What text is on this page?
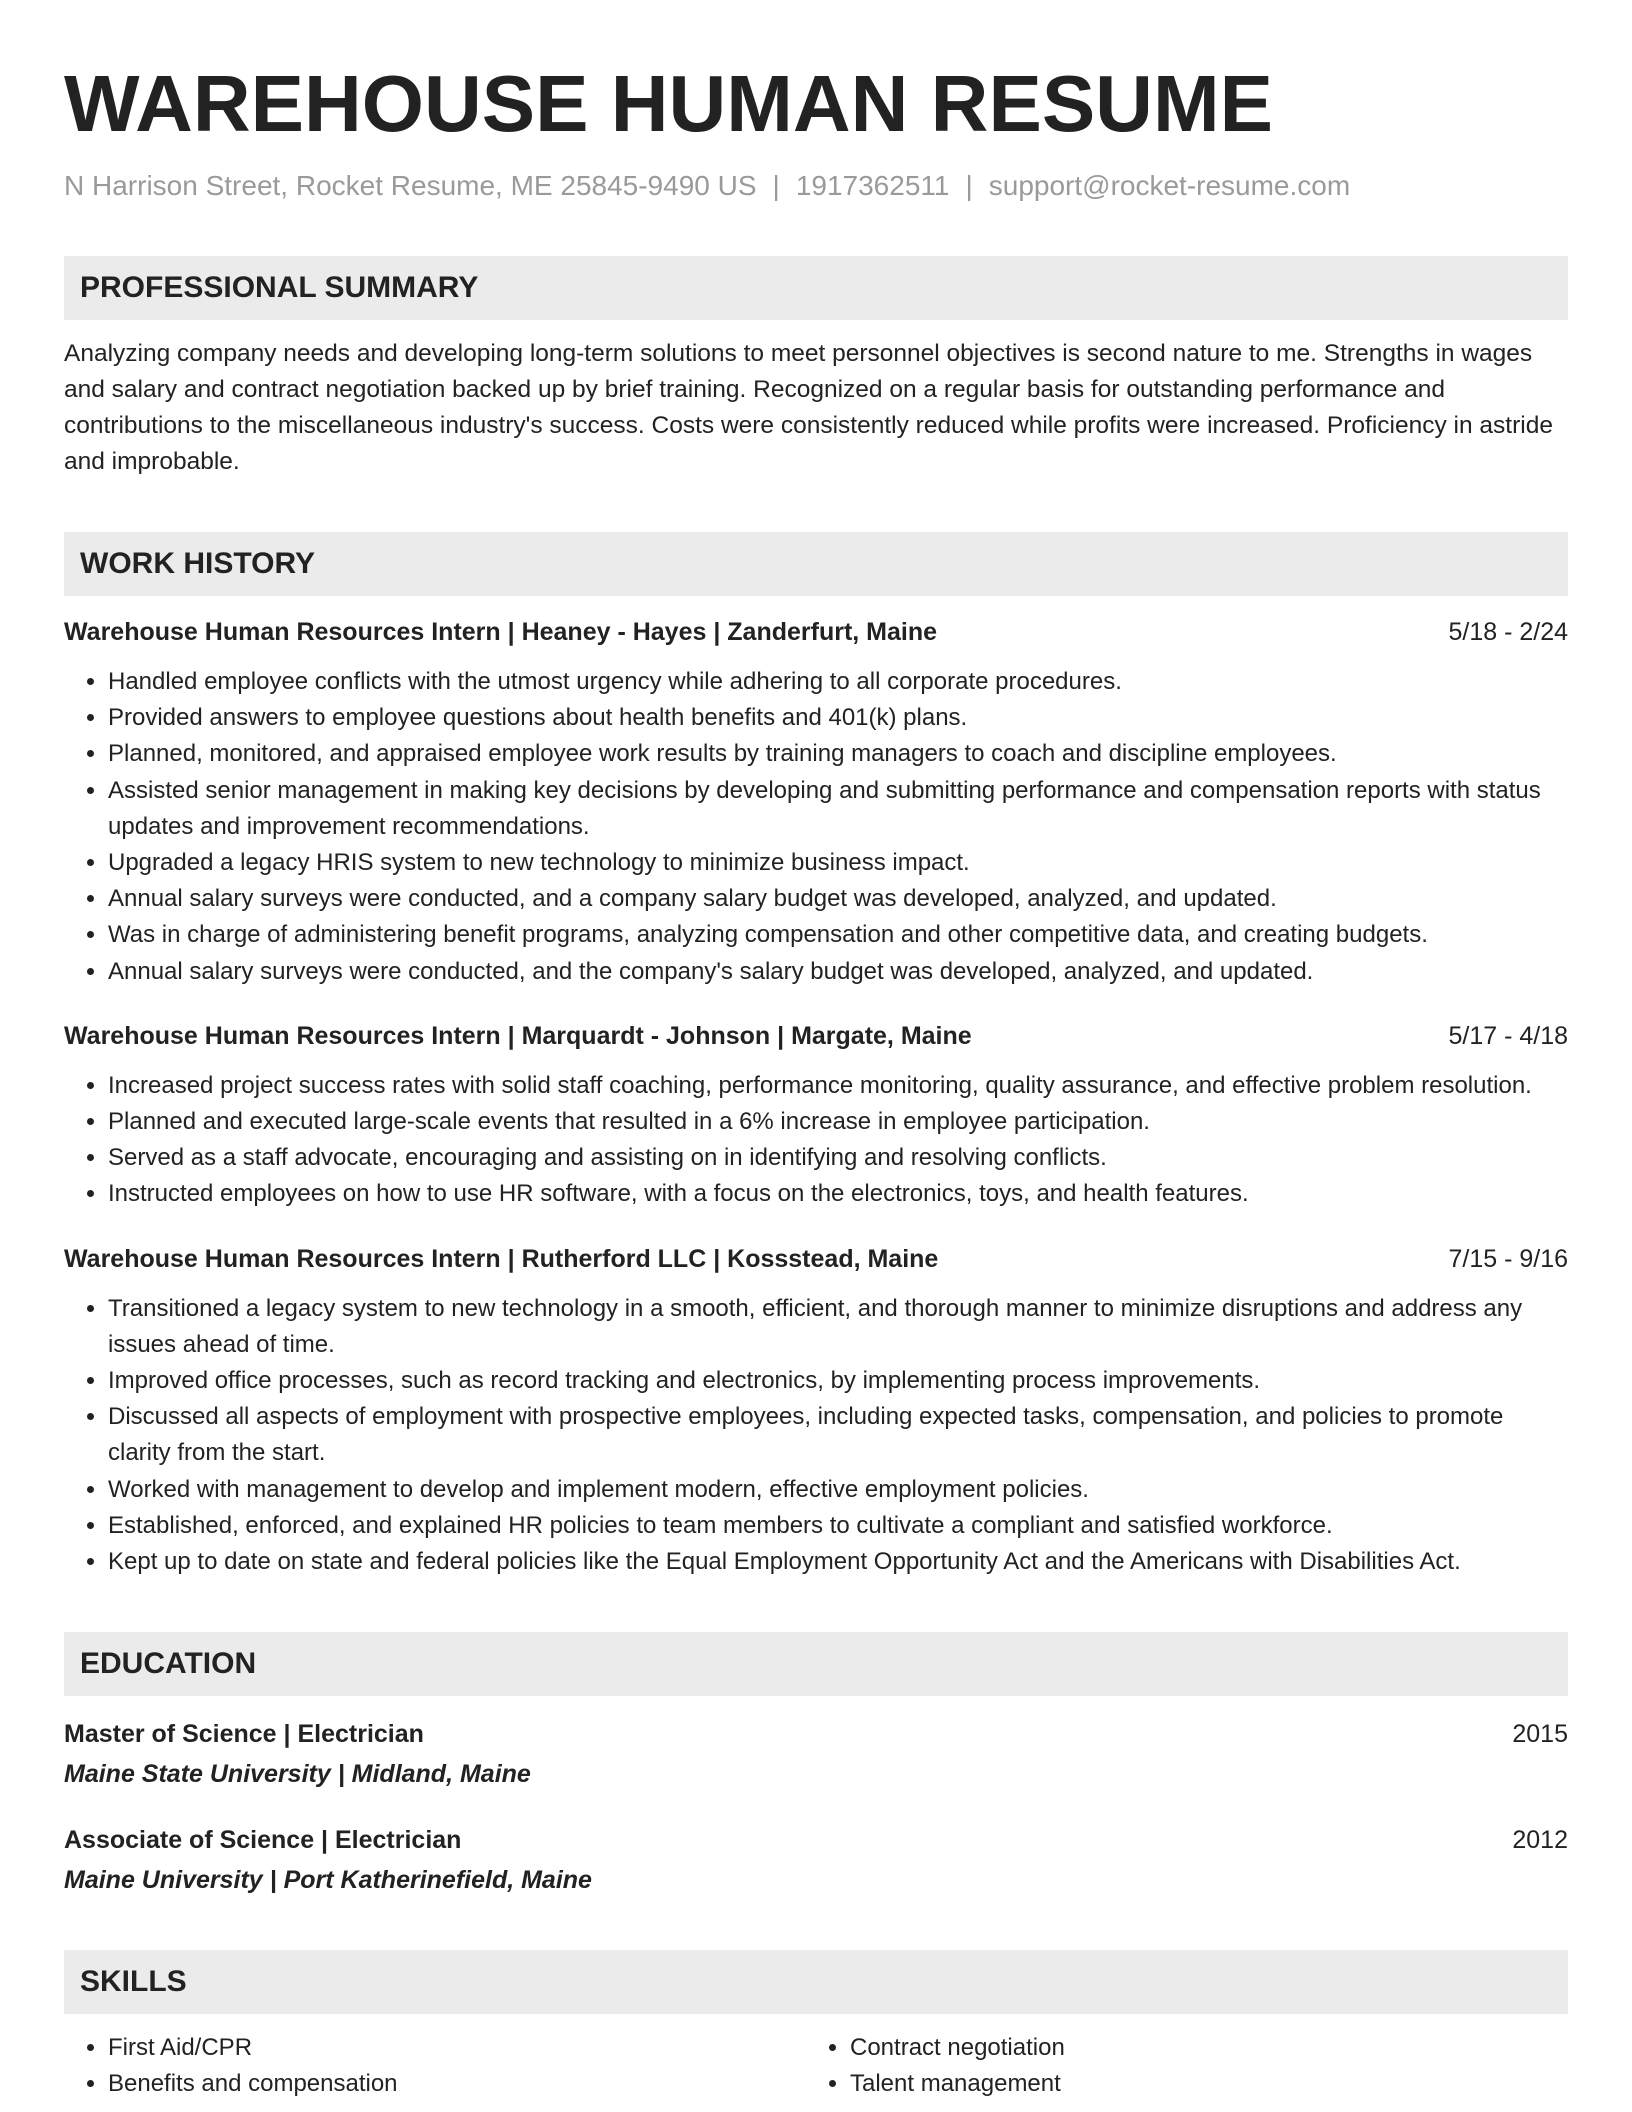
WAREHOUSE HUMAN RESUME
N Harrison Street, Rocket Resume, ME 25845-9490 US | 1917362511 | support@rocket-resume.com
PROFESSIONAL SUMMARY
Analyzing company needs and developing long-term solutions to meet personnel objectives is second nature to me. Strengths in wages and salary and contract negotiation backed up by brief training. Recognized on a regular basis for outstanding performance and contributions to the miscellaneous industry's success. Costs were consistently reduced while profits were increased. Proficiency in astride and improbable.
WORK HISTORY
Warehouse Human Resources Intern | Heaney - Hayes | Zanderfurt, Maine	5/18 - 2/24
• Handled employee conflicts with the utmost urgency while adhering to all corporate procedures.
• Provided answers to employee questions about health benefits and 401(k) plans.
• Planned, monitored, and appraised employee work results by training managers to coach and discipline employees.
• Assisted senior management in making key decisions by developing and submitting performance and compensation reports with status updates and improvement recommendations.
• Upgraded a legacy HRIS system to new technology to minimize business impact.
• Annual salary surveys were conducted, and a company salary budget was developed, analyzed, and updated.
• Was in charge of administering benefit programs, analyzing compensation and other competitive data, and creating budgets.
• Annual salary surveys were conducted, and the company's salary budget was developed, analyzed, and updated.
Warehouse Human Resources Intern | Marquardt - Johnson | Margate, Maine	5/17 - 4/18
• Increased project success rates with solid staff coaching, performance monitoring, quality assurance, and effective problem resolution.
• Planned and executed large-scale events that resulted in a 6% increase in employee participation.
• Served as a staff advocate, encouraging and assisting on in identifying and resolving conflicts.
• Instructed employees on how to use HR software, with a focus on the electronics, toys, and health features.
Warehouse Human Resources Intern | Rutherford LLC | Kossstead, Maine	7/15 - 9/16
• Transitioned a legacy system to new technology in a smooth, efficient, and thorough manner to minimize disruptions and address any issues ahead of time.
• Improved office processes, such as record tracking and electronics, by implementing process improvements.
• Discussed all aspects of employment with prospective employees, including expected tasks, compensation, and policies to promote clarity from the start.
• Worked with management to develop and implement modern, effective employment policies.
• Established, enforced, and explained HR policies to team members to cultivate a compliant and satisfied workforce.
• Kept up to date on state and federal policies like the Equal Employment Opportunity Act and the Americans with Disabilities Act.
EDUCATION
Master of Science | Electrician	2015
Maine State University | Midland, Maine
Associate of Science | Electrician	2012
Maine University | Port Katherinefield, Maine
SKILLS
• First Aid/CPR
• Benefits and compensation
• Contract negotiation
• Talent management
